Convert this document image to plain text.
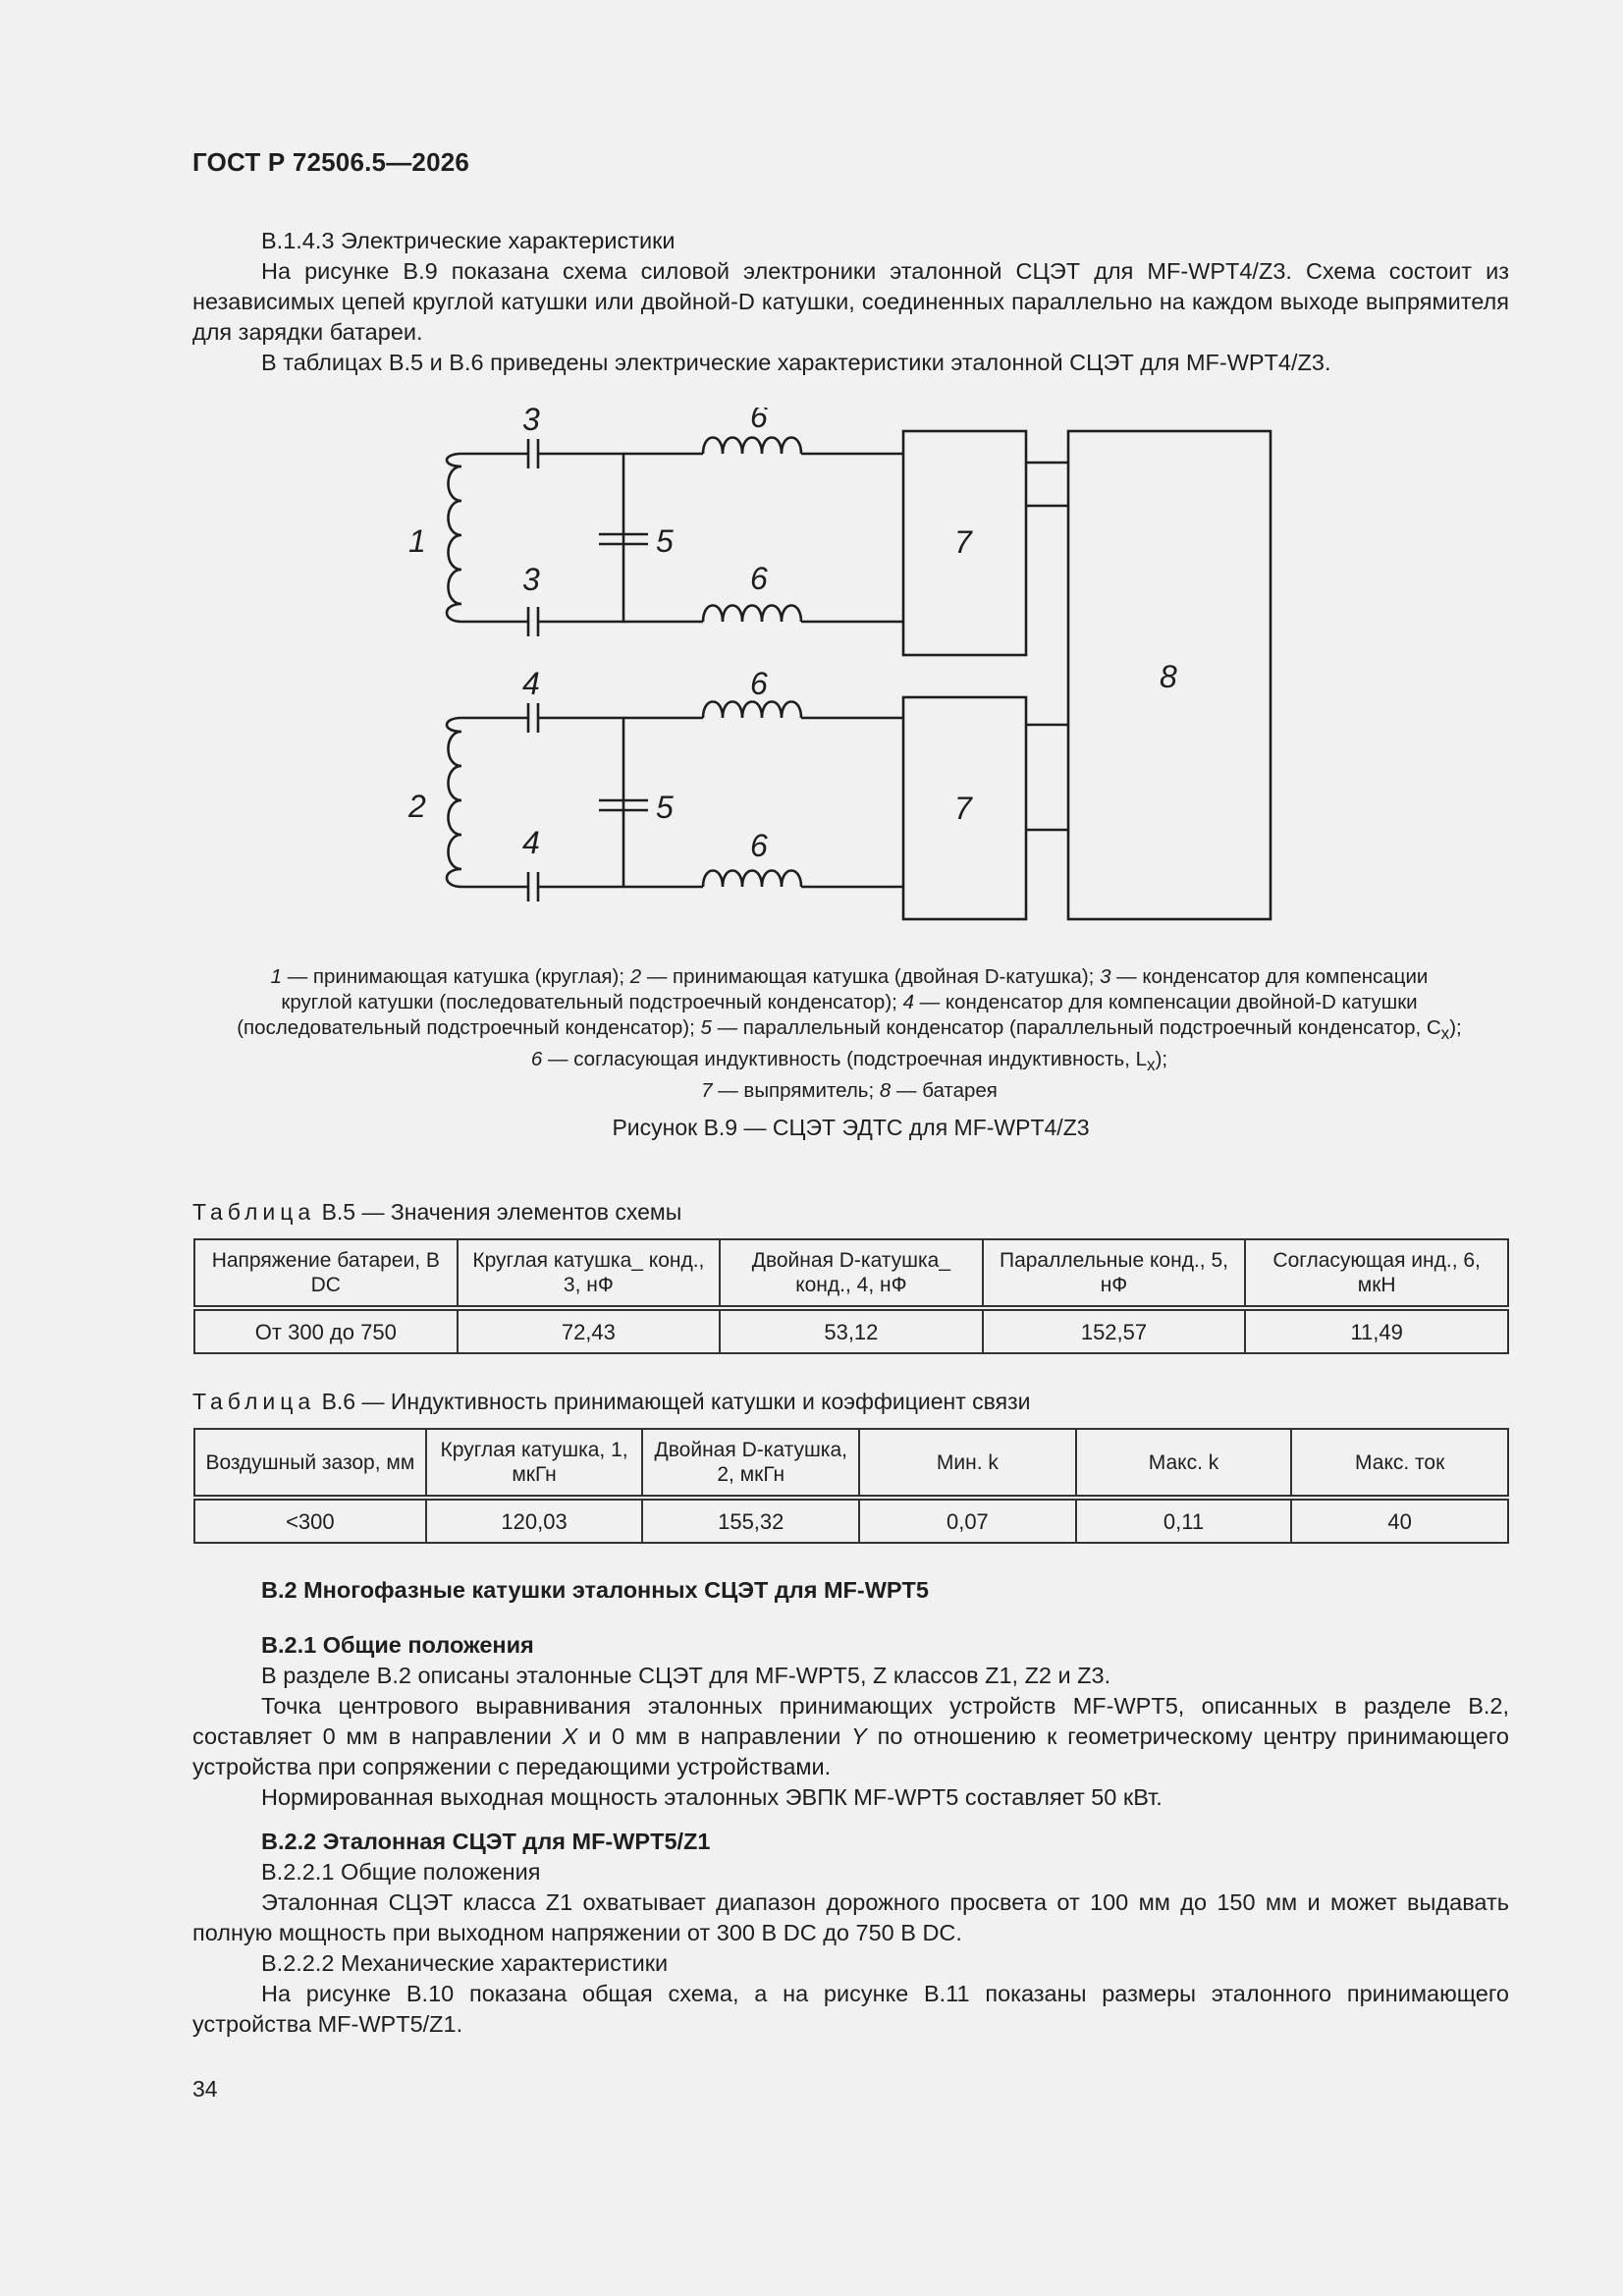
ГОСТ Р 72506.5—2026
В.1.4.3 Электрические характеристики
На рисунке В.9 показана схема силовой электроники эталонной СЦЭТ для MF-WPT4/Z3. Схема состоит из независимых цепей круглой катушки или двойной-D катушки, соединенных параллельно на каждом выходе выпрямителя для зарядки батареи.
В таблицах В.5 и В.6 приведены электрические характеристики эталонной СЦЭТ для MF-WPT4/Z3.
1
2
3
3
4
4
5
5
6
6
6
6
7
7
8
1 — принимающая катушка (круглая); 2 — принимающая катушка (двойная D-катушка); 3 — конденсатор для компенсации круглой катушки (последовательный подстроечный конденсатор); 4 — конденсатор для компенсации двойной-D катушки (последовательный подстроечный конденсатор); 5 — параллельный конденсатор (параллельный подстроечный конденсатор, $C_x$); 6 — согласующая индуктивность (подстроечная индуктивность, $L_x$);
7 — выпрямитель; 8 — батарея
Рисунок В.9 — СЦЭТ ЭДТС для MF-WPT4/Z3
Таблица В.5 — Значения элементов схемы
Напряжение батареи, В DC	Круглая катушка_ конд., 3, нФ	Двойная D-катушка_ конд., 4, нФ	Параллельные конд., 5, нФ	Согласующая инд., 6, мкН
От 300 до 750	72,43	53,12	152,57	11,49
Таблица В.6 — Индуктивность принимающей катушки и коэффициент связи
Воздушный зазор, мм	Круглая катушка, 1, мкГн	Двойная D-катушка, 2, мкГн	Мин. k	Макс. k	Макс. ток
<300	120,03	155,32	0,07	0,11	40
В.2 Многофазные катушки эталонных СЦЭТ для MF-WPT5
В.2.1 Общие положения
В разделе В.2 описаны эталонные СЦЭТ для MF-WPT5, Z классов Z1, Z2 и Z3.
Точка центрового выравнивания эталонных принимающих устройств MF-WPT5, описанных в разделе В.2, составляет 0 мм в направлении X и 0 мм в направлении Y по отношению к геометрическому центру принимающего устройства при сопряжении с передающими устройствами.
Нормированная выходная мощность эталонных ЭВПК MF-WPT5 составляет 50 кВт.
В.2.2 Эталонная СЦЭТ для MF-WPT5/Z1
В.2.2.1 Общие положения
Эталонная СЦЭТ класса Z1 охватывает диапазон дорожного просвета от 100 мм до 150 мм и может выдавать полную мощность при выходном напряжении от 300 В DC до 750 В DC.
В.2.2.2 Механические характеристики
На рисунке В.10 показана общая схема, а на рисунке В.11 показаны размеры эталонного принимающего устройства MF-WPT5/Z1.
34
